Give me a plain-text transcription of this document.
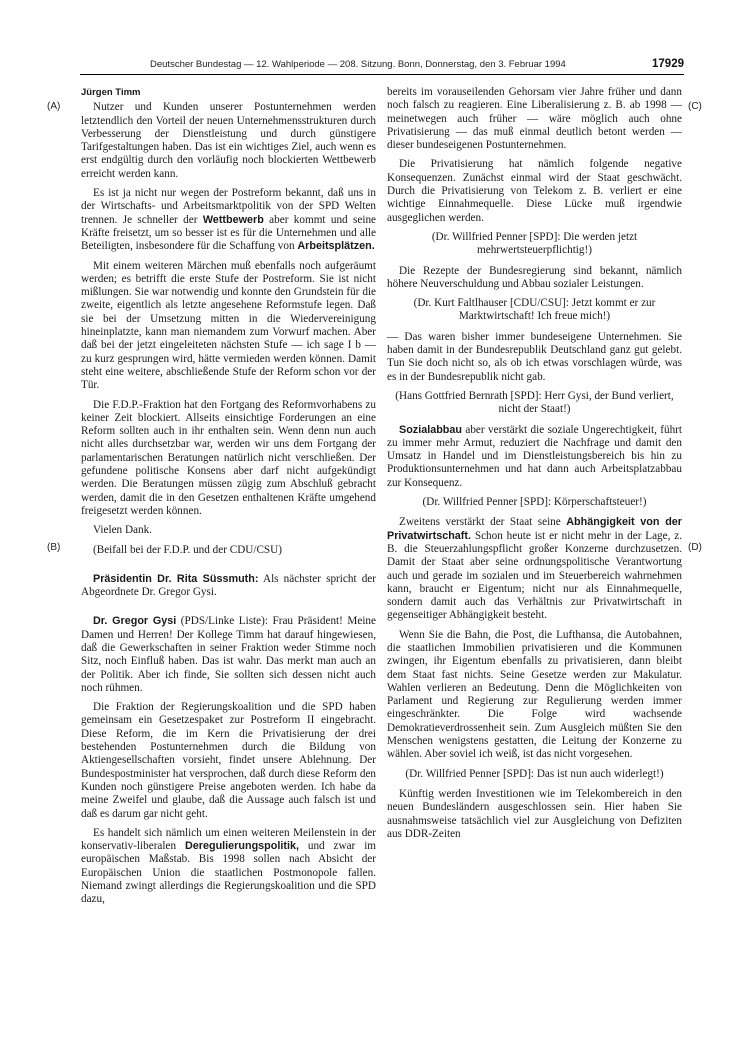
Deutscher Bundestag — 12. Wahlperiode — 208. Sitzung. Bonn, Donnerstag, den 3. Februar 1994	17929
(A)
(B)
(C)
(D)
Jürgen Timm

Nutzer und Kunden unserer Postunternehmen werden letztendlich den Vorteil der neuen Unternehmensstrukturen durch Verbesserung der Dienstleistung und durch günstigere Tarifgestaltungen haben. Das ist ein wichtiges Ziel, auch wenn es erst endgültig durch den vorläufig noch blockierten Wettbewerb erreicht werden kann.

Es ist ja nicht nur wegen der Postreform bekannt, daß uns in der Wirtschafts- und Arbeitsmarktpolitik von der SPD Welten trennen. Je schneller der Wettbewerb aber kommt und seine Kräfte freisetzt, um so besser ist es für die Unternehmen und alle Beteiligten, insbesondere für die Schaffung von Arbeitsplätzen.

Mit einem weiteren Märchen muß ebenfalls noch aufgeräumt werden; es betrifft die erste Stufe der Postreform. Sie ist nicht mißlungen. Sie war notwendig und konnte den Grundstein für die zweite, eigentlich als letzte angesehene Reformstufe legen. Daß sie bei der Umsetzung mitten in die Wiedervereinigung hineinplatzte, kann man niemandem zum Vorwurf machen. Aber daß bei der jetzt eingeleiteten nächsten Stufe — ich sage I b — zu kurz gesprungen wird, hätte vermieden werden können. Damit steht eine weitere, abschließende Stufe der Reform schon vor der Tür.

Die F.D.P.-Fraktion hat den Fortgang des Reformvorhabens zu keiner Zeit blockiert. Allseits einsichtige Forderungen an eine Reform sollten auch in ihr enthalten sein. Wenn denn nun auch nicht alles durchsetzbar war, werden wir uns dem Fortgang der parlamentarischen Beratungen natürlich nicht verschließen. Der gefundene politische Konsens aber darf nicht aufgekündigt werden. Die Beratungen müssen zügig zum Abschluß gebracht werden, damit die in den Gesetzen enthaltenen Kräfte umgehend freigesetzt werden können.

Vielen Dank.

(Beifall bei der F.D.P. und der CDU/CSU)

Präsidentin Dr. Rita Süssmuth: Als nächster spricht der Abgeordnete Dr. Gregor Gysi.

Dr. Gregor Gysi (PDS/Linke Liste): Frau Präsident! Meine Damen und Herren! Der Kollege Timm hat darauf hingewiesen, daß die Gewerkschaften in seiner Fraktion weder Stimme noch Sitz, noch Einfluß haben. Das ist wahr. Das merkt man auch an der Politik. Aber ich finde, Sie sollten sich dessen nicht auch noch rühmen.

Die Fraktion der Regierungskoalition und die SPD haben gemeinsam ein Gesetzespaket zur Postreform II eingebracht. Diese Reform, die im Kern die Privatisierung der drei bestehenden Postunternehmen durch die Bildung von Aktiengesellschaften vorsieht, findet unsere Ablehnung. Der Bundespostminister hat versprochen, daß durch diese Reform den Kunden noch günstigere Preise angeboten werden. Ich habe da meine Zweifel und glaube, daß die Aussage auch falsch ist und daß es darum gar nicht geht.

Es handelt sich nämlich um einen weiteren Meilenstein in der konservativ-liberalen Deregulierungspolitik, und zwar im europäischen Maßstab. Bis 1998 sollen nach Absicht der Europäischen Union die staatlichen Postmonopole fallen. Niemand zwingt allerdings die Regierungskoalition und die SPD dazu,

bereits im vorauseilenden Gehorsam vier Jahre früher und dann noch falsch zu reagieren. Eine Liberalisierung z. B. ab 1998 — meinetwegen auch früher — wäre möglich auch ohne Privatisierung — das muß einmal deutlich betont werden — dieser bundeseigenen Postunternehmen.

Die Privatisierung hat nämlich folgende negative Konsequenzen. Zunächst einmal wird der Staat geschwächt. Durch die Privatisierung von Telekom z. B. verliert er eine wichtige Einnahmequelle. Diese Lücke muß irgendwie ausgeglichen werden.

(Dr. Willfried Penner [SPD]: Die werden jetzt mehrwertsteuerpflichtig!)

Die Rezepte der Bundesregierung sind bekannt, nämlich höhere Neuverschuldung und Abbau sozialer Leistungen.

(Dr. Kurt Faltlhauser [CDU/CSU]: Jetzt kommt er zur Marktwirtschaft! Ich freue mich!)

— Das waren bisher immer bundeseigene Unternehmen. Sie haben damit in der Bundesrepublik Deutschland ganz gut gelebt. Tun Sie doch nicht so, als ob ich etwas vorschlagen würde, was es in der Bundesrepublik nicht gab.

(Hans Gottfried Bernrath [SPD]: Herr Gysi, der Bund verliert, nicht der Staat!)

Sozialabbau aber verstärkt die soziale Ungerechtigkeit, führt zu immer mehr Armut, reduziert die Nachfrage und damit den Umsatz in Handel und im Dienstleistungsbereich bis hin zu Produktionsunternehmen und hat dann auch Arbeitsplatzabbau zur Konsequenz.

(Dr. Willfried Penner [SPD]: Körperschaftsteuer!)

Zweitens verstärkt der Staat seine Abhängigkeit von der Privatwirtschaft. Schon heute ist er nicht mehr in der Lage, z. B. die Steuerzahlungspflicht großer Konzerne durchzusetzen. Damit der Staat aber seine ordnungspolitische Verantwortung auch und gerade im sozialen und im Steuerbereich wahrnehmen kann, braucht er Eigentum; nicht nur als Einnahmequelle, sondern damit auch das Verhältnis zur Privatwirtschaft in gegenseitiger Abhängigkeit besteht.

Wenn Sie die Bahn, die Post, die Lufthansa, die Autobahnen, die staatlichen Immobilien privatisieren und die Kommunen zwingen, ihr Eigentum ebenfalls zu privatisieren, dann bleibt dem Staat fast nichts. Seine Gesetze werden zur Makulatur. Wahlen verlieren an Bedeutung. Denn die Möglichkeiten von Parlament und Regierung zur Regulierung werden immer eingeschränkter. Die Folge wird wachsende Demokratieverdrossenheit sein. Zum Ausgleich müßten Sie den Menschen wenigstens gestatten, die Leitung der Konzerne zu wählen. Aber soviel ich weiß, ist das nicht vorgesehen.

(Dr. Willfried Penner [SPD]: Das ist nun auch widerlegt!)

Künftig werden Investitionen wie im Telekombereich in den neuen Bundesländern ausgeschlossen sein. Hier haben Sie ausnahmsweise tatsächlich viel zur Ausgleichung von Defiziten aus DDR-Zeiten
